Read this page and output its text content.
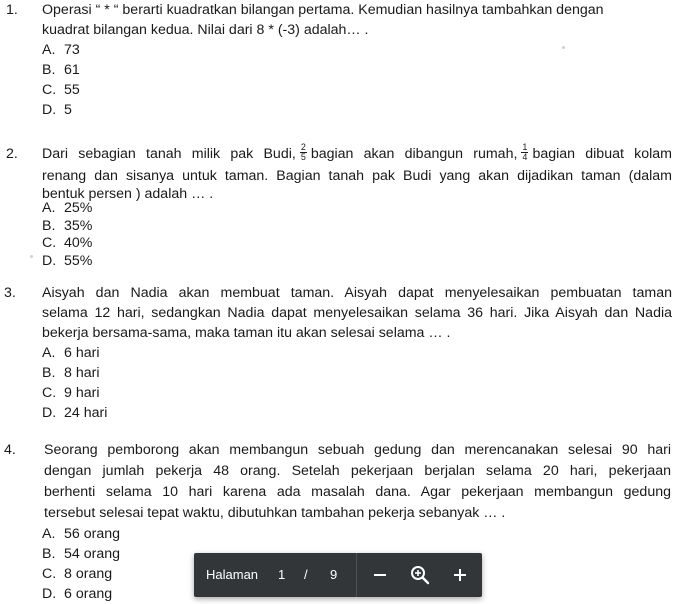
1. Operasi “ * “ berarti kuadratkan bilangan pertama. Kemudian hasilnya tambahkan dengan
kuadrat bilangan kedua. Nilai dari 8 * (-3) adalah… .
A. 73
B. 61
C. 55
D. 5
2. Dari sebagian tanah milik pak Budi, $\frac{2}{5}$ bagian akan dibangun rumah, $\frac{1}{4}$ bagian dibuat kolam
renang dan sisanya untuk taman. Bagian tanah pak Budi yang akan dijadikan taman (dalam
bentuk persen ) adalah … .
A. 25%
B. 35%
C. 40%
D. 55%
3. Aisyah dan Nadia akan membuat taman. Aisyah dapat menyelesaikan pembuatan taman
selama 12 hari, sedangkan Nadia dapat menyelesaikan selama 36 hari. Jika Aisyah dan Nadia
bekerja bersama-sama, maka taman itu akan selesai selama … .
A. 6 hari
B. 8 hari
C. 9 hari
D. 24 hari
4. Seorang pemborong akan membangun sebuah gedung dan merencanakan selesai 90 hari
dengan jumlah pekerja 48 orang. Setelah pekerjaan berjalan selama 20 hari, pekerjaan
berhenti selama 10 hari karena ada masalah dana. Agar pekerjaan membangun gedung
tersebut selesai tepat waktu, dibutuhkan tambahan pekerja sebanyak … .
A. 56 orang
B. 54 orang
C. 8 orang
D. 6 orang
Halaman 1 / 9
